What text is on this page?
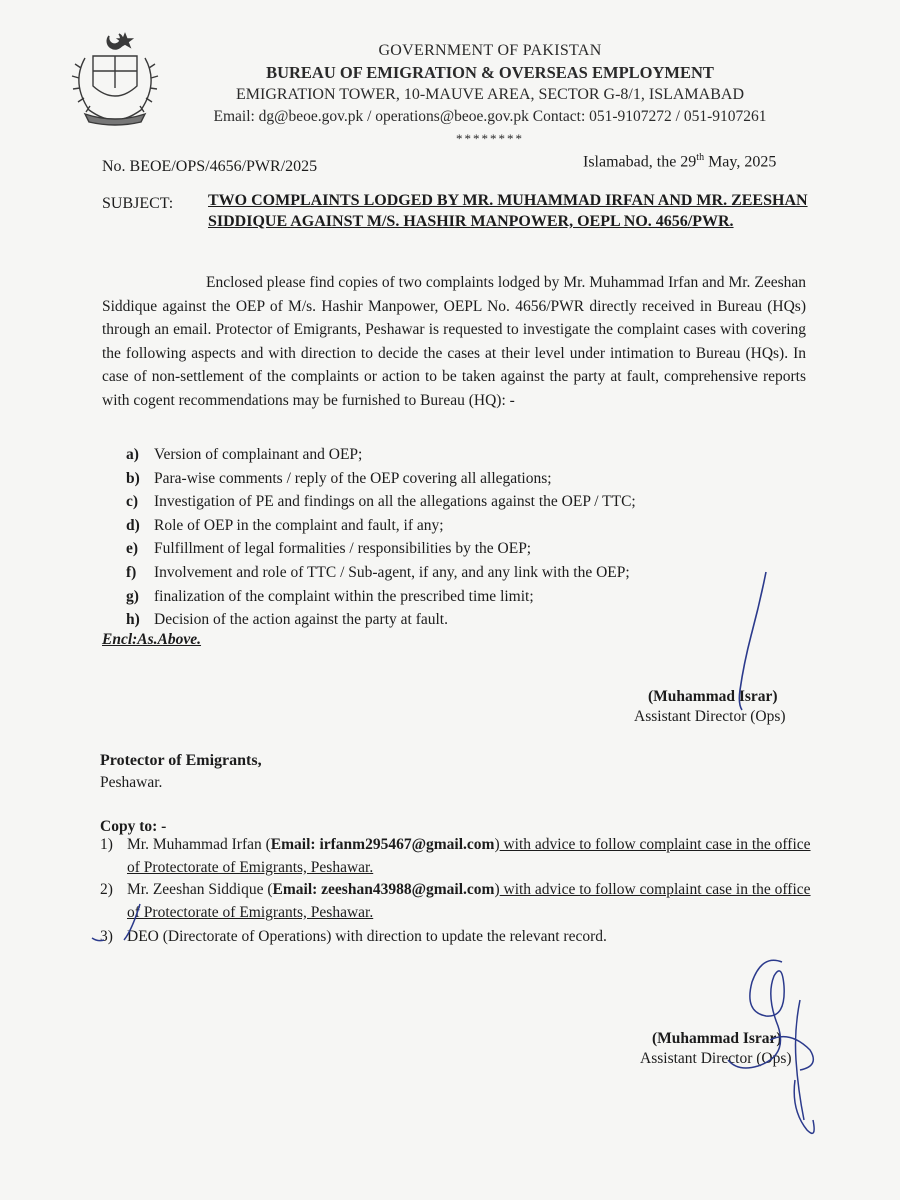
GOVERNMENT OF PAKISTAN
BUREAU OF EMIGRATION & OVERSEAS EMPLOYMENT
EMIGRATION TOWER, 10-MAUVE AREA, SECTOR G-8/1, ISLAMABAD
Email: dg@beoe.gov.pk / operations@beoe.gov.pk Contact: 051-9107272 / 051-9107261
********
No. BEOE/OPS/4656/PWR/2025	Islamabad, the 29th May, 2025
SUBJECT: TWO COMPLAINTS LODGED BY MR. MUHAMMAD IRFAN AND MR. ZEESHAN SIDDIQUE AGAINST M/S. HASHIR MANPOWER, OEPL NO. 4656/PWR.
Enclosed please find copies of two complaints lodged by Mr. Muhammad Irfan and Mr. Zeeshan Siddique against the OEP of M/s. Hashir Manpower, OEPL No. 4656/PWR directly received in Bureau (HQs) through an email. Protector of Emigrants, Peshawar is requested to investigate the complaint cases with covering the following aspects and with direction to decide the cases at their level under intimation to Bureau (HQs). In case of non-settlement of the complaints or action to be taken against the party at fault, comprehensive reports with cogent recommendations may be furnished to Bureau (HQ): -
a) Version of complainant and OEP;
b) Para-wise comments / reply of the OEP covering all allegations;
c) Investigation of PE and findings on all the allegations against the OEP / TTC;
d) Role of OEP in the complaint and fault, if any;
e) Fulfillment of legal formalities / responsibilities by the OEP;
f) Involvement and role of TTC / Sub-agent, if any, and any link with the OEP;
g) finalization of the complaint within the prescribed time limit;
h) Decision of the action against the party at fault.
Encl:As.Above.
(Muhammad Israr)
Assistant Director (Ops)
Protector of Emigrants,
Peshawar.
Copy to: -
1) Mr. Muhammad Irfan (Email: irfanm295467@gmail.com) with advice to follow complaint case in the office of Protectorate of Emigrants, Peshawar.
2) Mr. Zeeshan Siddique (Email: zeeshan43988@gmail.com) with advice to follow complaint case in the office of Protectorate of Emigrants, Peshawar.
3) DEO (Directorate of Operations) with direction to update the relevant record.
(Muhammad Israr)
Assistant Director (Ops)
